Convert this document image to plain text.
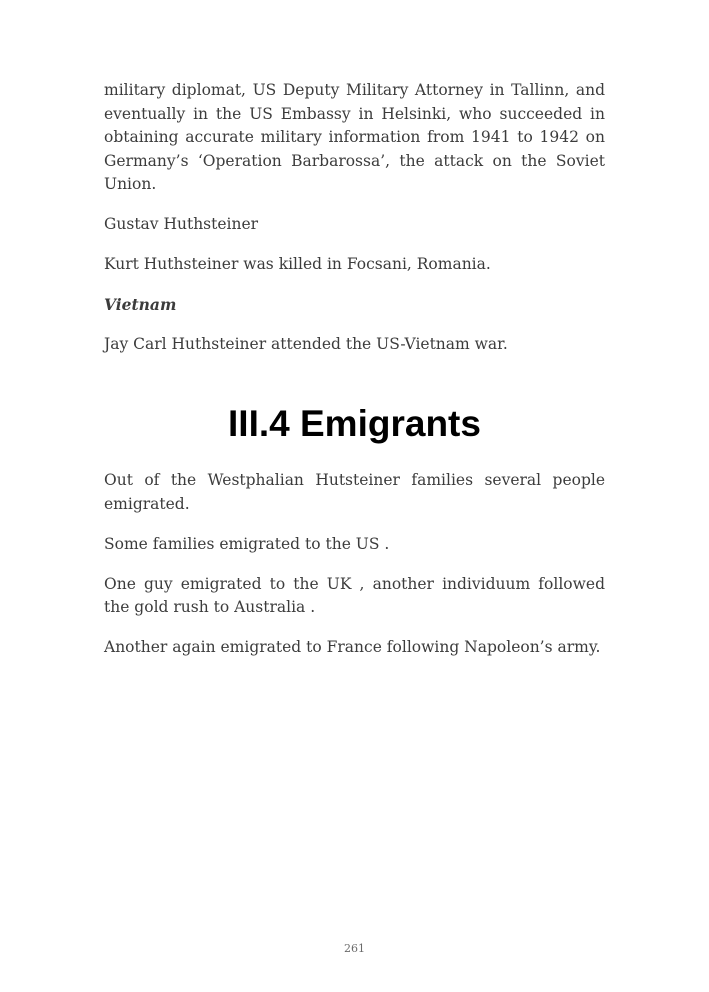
military diplomat, US Deputy Military Attorney in Tallinn, and eventually in the US Embassy in Helsinki, who succeeded in obtaining accurate military information from 1941 to 1942 on Germany’s ‘Operation Barbarossa’, the attack on the Soviet Union.

Gustav Huthsteiner

Kurt Huthsteiner was killed in Focsani, Romania.

Vietnam

Jay Carl Huthsteiner attended the US-Vietnam war.

III.4 Emigrants

Out of the Westphalian Hutsteiner families several people emigrated.

Some families emigrated to the US .

One guy emigrated to the UK , another individuum followed the gold rush to Australia .

Another again emigrated to France following Napoleon’s army.

261
